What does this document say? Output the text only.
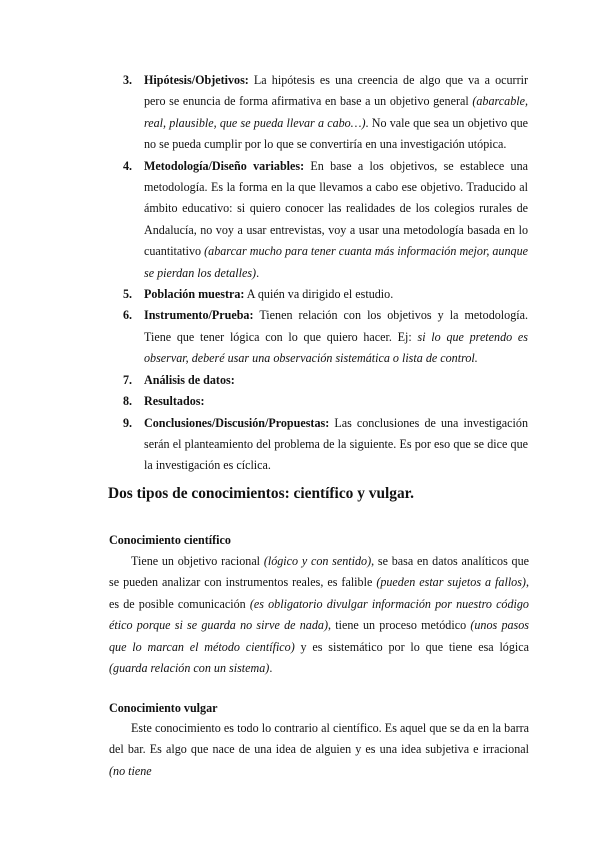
3. Hipótesis/Objetivos: La hipótesis es una creencia de algo que va a ocurrir pero se enuncia de forma afirmativa en base a un objetivo general (abarcable, real, plausible, que se pueda llevar a cabo…). No vale que sea un objetivo que no se pueda cumplir por lo que se convertiría en una investigación utópica.
4. Metodología/Diseño variables: En base a los objetivos, se establece una metodología. Es la forma en la que llevamos a cabo ese objetivo. Traducido al ámbito educativo: si quiero conocer las realidades de los colegios rurales de Andalucía, no voy a usar entrevistas, voy a usar una metodología basada en lo cuantitativo (abarcar mucho para tener cuanta más información mejor, aunque se pierdan los detalles).
5. Población muestra: A quién va dirigido el estudio.
6. Instrumento/Prueba: Tienen relación con los objetivos y la metodología. Tiene que tener lógica con lo que quiero hacer. Ej: si lo que pretendo es observar, deberé usar una observación sistemática o lista de control.
7. Análisis de datos:
8. Resultados:
9. Conclusiones/Discusión/Propuestas: Las conclusiones de una investigación serán el planteamiento del problema de la siguiente. Es por eso que se dice que la investigación es cíclica.
Dos tipos de conocimientos: científico y vulgar.
Conocimiento científico
Tiene un objetivo racional (lógico y con sentido), se basa en datos analíticos que se pueden analizar con instrumentos reales, es falible (pueden estar sujetos a fallos), es de posible comunicación (es obligatorio divulgar información por nuestro código ético porque si se guarda no sirve de nada), tiene un proceso metódico (unos pasos que lo marcan el método científico) y es sistemático por lo que tiene esa lógica (guarda relación con un sistema).
Conocimiento vulgar
Este conocimiento es todo lo contrario al científico. Es aquel que se da en la barra del bar. Es algo que nace de una idea de alguien y es una idea subjetiva e irracional (no tiene
